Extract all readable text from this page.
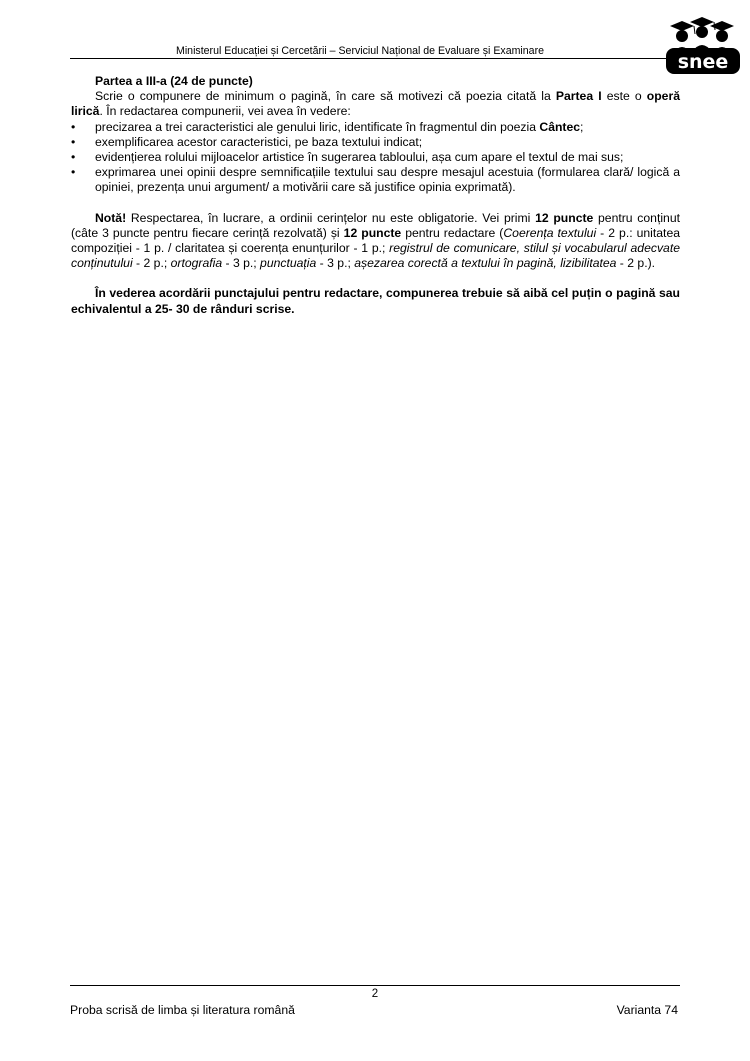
Ministerul Educației și Cercetării – Serviciul Național de Evaluare și Examinare	snee

Partea a III-a (24 de puncte)

Scrie o compunere de minimum o pagină, în care să motivezi că poezia citată la Partea I este o operă lirică. În redactarea compunerii, vei avea în vedere:

• precizarea a trei caracteristici ale genului liric, identificate în fragmentul din poezia Cântec;
• exemplificarea acestor caracteristici, pe baza textului indicat;
• evidențierea rolului mijloacelor artistice în sugerarea tabloului, așa cum apare el textul de mai sus;
• exprimarea unei opinii despre semnificațiile textului sau despre mesajul acestuia (formularea clară/ logică a opiniei, prezența unui argument/ a motivării care să justifice opinia exprimată).

Notă! Respectarea, în lucrare, a ordinii cerințelor nu este obligatorie. Vei primi 12 puncte pentru conținut (câte 3 puncte pentru fiecare cerință rezolvată) și 12 puncte pentru redactare (Coerența textului - 2 p.: unitatea compoziției - 1 p. / claritatea și coerența enunțurilor - 1 p.; registrul de comunicare, stilul și vocabularul adecvate conținutului - 2 p.; ortografia - 3 p.; punctuația - 3 p.; așezarea corectă a textului în pagină, lizibilitatea - 2 p.).

În vederea acordării punctajului pentru redactare, compunerea trebuie să aibă cel puțin o pagină sau echivalentul a 25- 30 de rânduri scrise.

2
Proba scrisă de limba și literatura română	Varianta 74
